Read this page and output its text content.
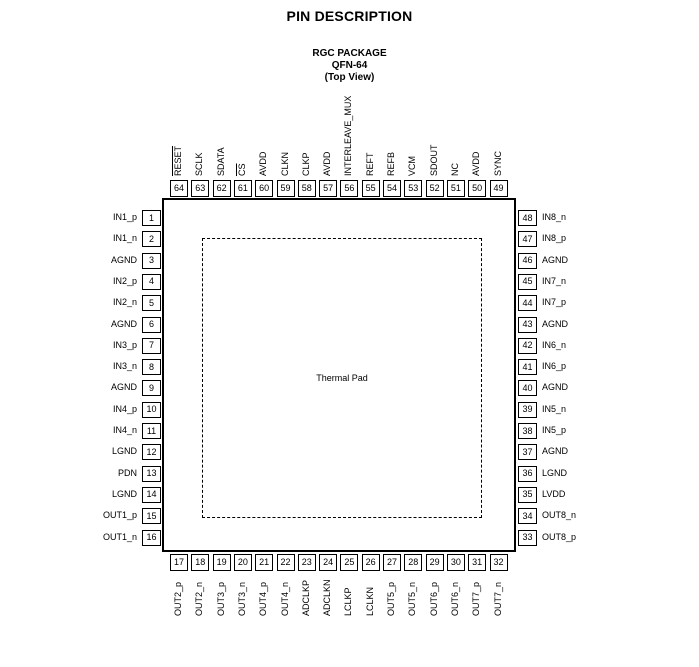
PIN DESCRIPTION
RGC PACKAGE
QFN-64
(Top View)
Thermal Pad
1
IN1_p
2
IN1_n
3
AGND
4
IN2_p
5
IN2_n
6
AGND
7
IN3_p
8
IN3_n
9
AGND
10
IN4_p
11
IN4_n
12
LGND
13
PDN
14
LGND
15
OUT1_p
16
OUT1_n
48	IN8_n
47	IN8_p
46	AGND
45	IN7_n
44	IN7_p
43	AGND
42	IN6_n
41	IN6_p
40	AGND
39	IN5_n
38	IN5_p
37	AGND
36	LGND
35	LVDD
34	OUT8_n
33	OUT8_p
64
RESET
63
SCLK
62
SDATA
61
$\overline{CS}$
60
AVDD
59
CLKN
58
CLKP
57
AVDD
56
INTERLEAVE_MUX
55
REFT
54
REFB
53
VCM
52
SDOUT
51
NC
50
AVDD
49
SYNC
17
OUT2_p
18
OUT2_n
19
OUT3_p
20
OUT3_n
21
OUT4_p
22
OUT4_n
23
ADCLKP
24
ADCLKN
25
LCLKP
26
LCLKN
27
OUT5_p
28
OUT5_n
29
OUT6_p
30
OUT6_n
31
OUT7_p
32
OUT7_n
